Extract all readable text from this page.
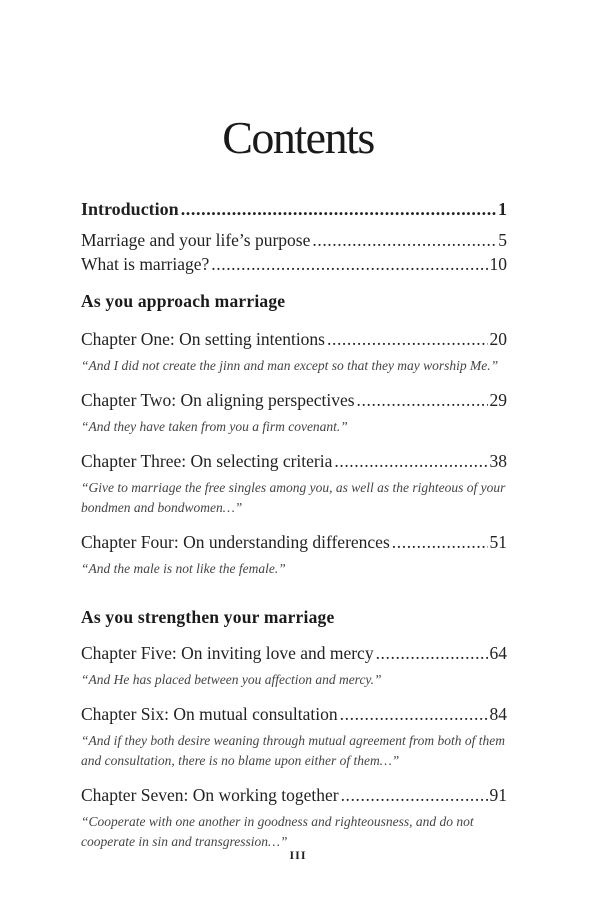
Contents
Introduction .....	1
Marriage and your life’s purpose .....	5
What is marriage? .....	10
As you approach marriage
Chapter One: On setting intentions .....	20
“And I did not create the jinn and man except so that they may worship Me.”
Chapter Two: On aligning perspectives .....	29
“And they have taken from you a firm covenant.”
Chapter Three: On selecting criteria .....	38
“Give to marriage the free singles among you, as well as the righteous of your bondmen and bondwomen…”
Chapter Four: On understanding differences .....	51
“And the male is not like the female.”
As you strengthen your marriage
Chapter Five: On inviting love and mercy .....	64
“And He has placed between you affection and mercy.”
Chapter Six: On mutual consultation .....	84
“And if they both desire weaning through mutual agreement from both of them and consultation, there is no blame upon either of them…”
Chapter Seven: On working together .....	91
“Cooperate with one another in goodness and righteousness, and do not cooperate in sin and transgression…”
III
